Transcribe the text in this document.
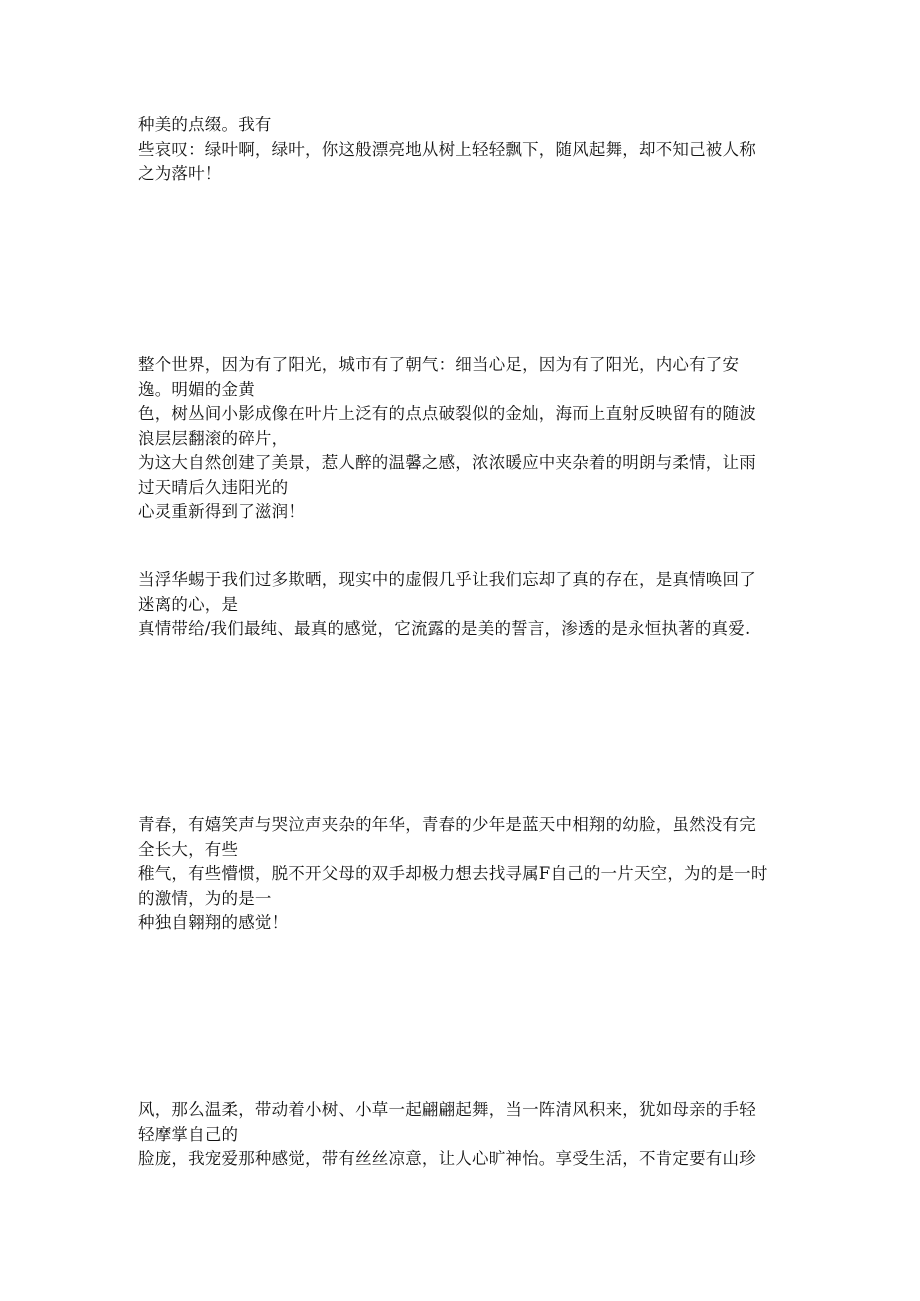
种美的点缀。我有
些哀叹：绿叶啊，绿叶，你这般漂亮地从树上轻轻飘下，随风起舞，却不知己被人称
之为落叶！
整个世界，因为有了阳光，城市有了朝气：细当心足，因为有了阳光，内心有了安
逸。明媚的金黄
色，树丛间小影成像在叶片上泛有的点点破裂似的金灿，海而上直射反映留有的随波
浪层层翻滚的碎片，
为这大自然创建了美景，惹人醉的温馨之感，浓浓暖应中夹杂着的明朗与柔情，让雨
过天晴后久违阳光的
心灵重新得到了滋润！
当浮华蜴于我们过多欺晒，现实中的虚假几乎让我们忘却了真的存在，是真情唤回了
迷离的心，是
真情带给/我们最纯、最真的感觉，它流露的是美的誓言，渗透的是永恒执著的真爱.
青春，有嬉笑声与哭泣声夹杂的年华，青春的少年是蓝天中相翔的幼脸，虽然没有完
全长大，有些
稚气，有些懵惯，脱不开父母的双手却极力想去找寻属F自己的一片天空，为的是一时
的激情，为的是一
种独自翱翔的感觉！
风，那么温柔，带动着小树、小草一起翩翩起舞，当一阵清风积来，犹如母亲的手轻
轻摩掌自己的
脸庞，我宠爱那种感觉，带有丝丝凉意，让人心旷神怡。享受生活，不肯定要有山珍
